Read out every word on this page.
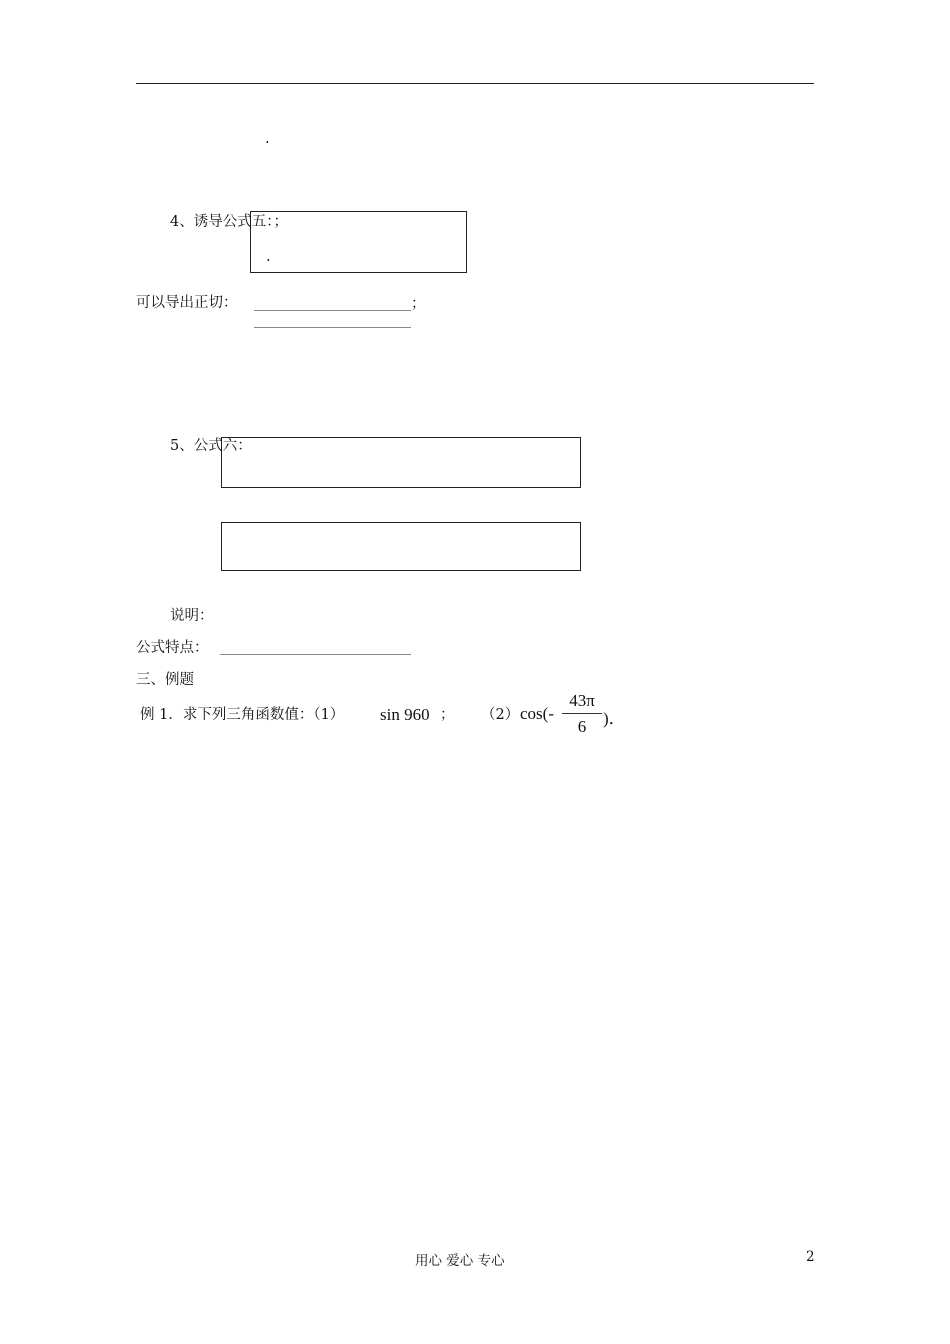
.
.
4、诱导公式五：；
可以导出正切：	；
5、公式六：
说明：
公式特点：
三、例题
例 1．求下列三角函数值：（1） sin 960 ； （2） cos(-
43π
6 )．
用心 爱心 专心	2
